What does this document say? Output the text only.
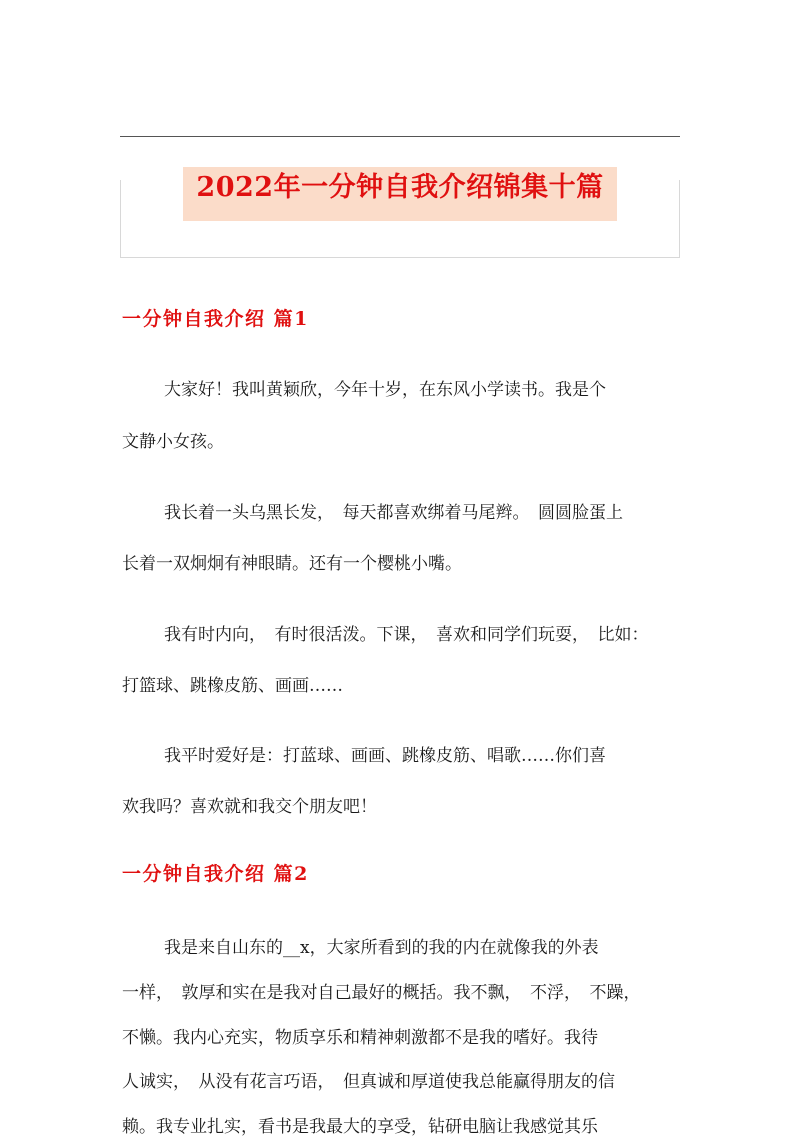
2022年一分钟自我介绍锦集十篇
一分钟自我介绍 篇1
大家好！我叫黄颖欣，今年十岁，在东风小学读书。我是个
文静小女孩。
我长着一头乌黑长发，　每天都喜欢绑着马尾辫。　圆圆脸蛋上
长着一双炯炯有神眼睛。还有一个樱桃小嘴。
我有时内向，　有时很活泼。下课，　喜欢和同学们玩耍，　比如：
打篮球、跳橡皮筋、画画……
我平时爱好是：打蓝球、画画、跳橡皮筋、唱歌……你们喜
欢我吗？喜欢就和我交个朋友吧！
一分钟自我介绍 篇2
我是来自山东的__x，大家所看到的我的内在就像我的外表
一样，　敦厚和实在是我对自己最好的概括。我不飘，　不浮，　不躁，
不懒。我内心充实，物质享乐和精神刺激都不是我的嗜好。我待
人诚实，　从没有花言巧语，　但真诚和厚道使我总能赢得朋友的信
赖。我专业扎实，看书是我最大的享受，钻研电脑让我感觉其乐
